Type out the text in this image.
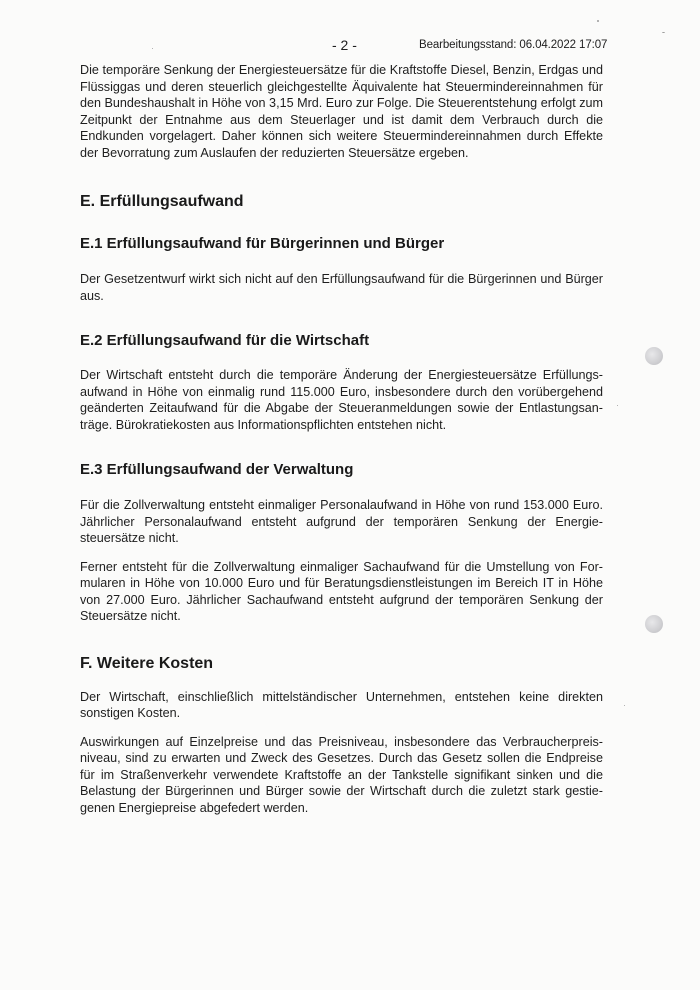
- 2 -	Bearbeitungsstand: 06.04.2022 17:07

Die temporäre Senkung der Energiesteuersätze für die Kraftstoffe Diesel, Benzin, Erdgas und Flüssiggas und deren steuerlich gleichgestellte Äquivalente hat Steuermindereinnahmen für den Bundeshaushalt in Höhe von 3,15 Mrd. Euro zur Folge. Die Steuerentstehung erfolgt zum Zeitpunkt der Entnahme aus dem Steuerlager und ist damit dem Verbrauch durch die Endkunden vorgelagert. Daher können sich weitere Steuermindereinnahmen durch Effekte der Bevorratung zum Auslaufen der reduzierten Steuersätze ergeben.

E. Erfüllungsaufwand
E.1 Erfüllungsaufwand für Bürgerinnen und Bürger

Der Gesetzentwurf wirkt sich nicht auf den Erfüllungsaufwand für die Bürgerinnen und Bürger aus.

E.2 Erfüllungsaufwand für die Wirtschaft

Der Wirtschaft entsteht durch die temporäre Änderung der Energiesteuersätze Erfüllungsaufwand in Höhe von einmalig rund 115.000 Euro, insbesondere durch den vorübergehend geänderten Zeitaufwand für die Abgabe der Steueranmeldungen sowie der Entlastungsanträge. Bürokratiekosten aus Informationspflichten entstehen nicht.

E.3 Erfüllungsaufwand der Verwaltung

Für die Zollverwaltung entsteht einmaliger Personalaufwand in Höhe von rund 153.000 Euro. Jährlicher Personalaufwand entsteht aufgrund der temporären Senkung der Energiesteuersätze nicht.

Ferner entsteht für die Zollverwaltung einmaliger Sachaufwand für die Umstellung von Formularen in Höhe von 10.000 Euro und für Beratungsdienstleistungen im Bereich IT in Höhe von 27.000 Euro. Jährlicher Sachaufwand entsteht aufgrund der temporären Senkung der Steuersätze nicht.

F. Weitere Kosten

Der Wirtschaft, einschließlich mittelständischer Unternehmen, entstehen keine direkten sonstigen Kosten.

Auswirkungen auf Einzelpreise und das Preisniveau, insbesondere das Verbraucherpreisniveau, sind zu erwarten und Zweck des Gesetzes. Durch das Gesetz sollen die Endpreise für im Straßenverkehr verwendete Kraftstoffe an der Tankstelle signifikant sinken und die Belastung der Bürgerinnen und Bürger sowie der Wirtschaft durch die zuletzt stark gestiegenen Energiepreise abgefedert werden.
